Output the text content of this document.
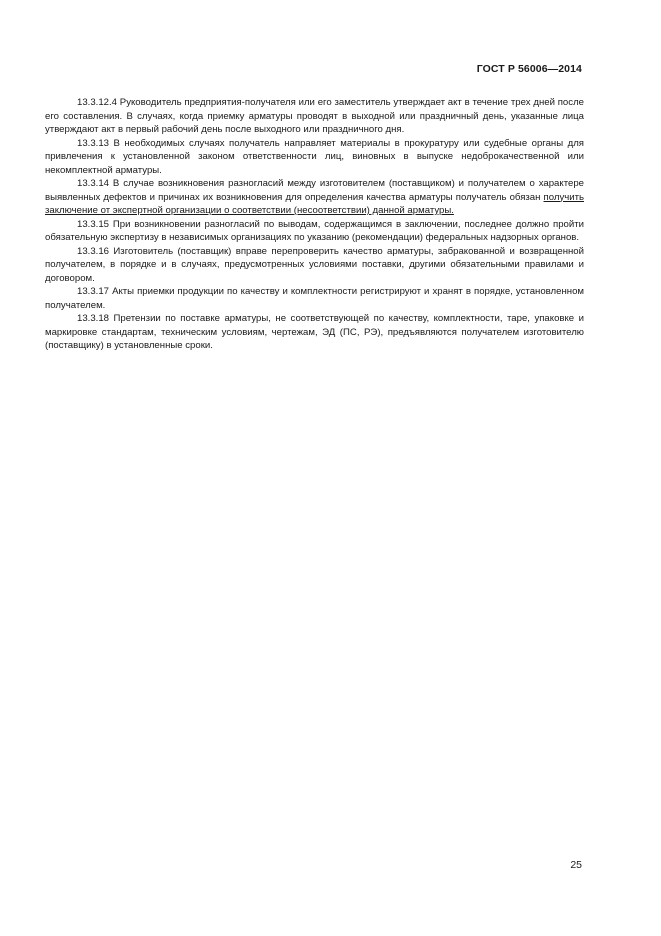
ГОСТ Р 56006—2014

13.3.12.4 Руководитель предприятия-получателя или его заместитель утверждает акт в течение трех дней после его составления. В случаях, когда приемку арматуры проводят в выходной или праздничный день, указанные лица утверждают акт в первый рабочий день после выходного или праздничного дня.

13.3.13 В необходимых случаях получатель направляет материалы в прокуратуру или судебные органы для привлечения к установленной законом ответственности лиц, виновных в выпуске недоброкачественной или некомплектной арматуры.

13.3.14 В случае возникновения разногласий между изготовителем (поставщиком) и получателем о характере выявленных дефектов и причинах их возникновения для определения качества арматуры получатель обязан получить заключение от экспертной организации о соответствии (несоответствии) данной арматуры.

13.3.15 При возникновении разногласий по выводам, содержащимся в заключении, последнее должно пройти обязательную экспертизу в независимых организациях по указанию (рекомендации) федеральных надзорных органов.

13.3.16 Изготовитель (поставщик) вправе перепроверить качество арматуры, забракованной и возвращенной получателем, в порядке и в случаях, предусмотренных условиями поставки, другими обязательными правилами и договором.

13.3.17 Акты приемки продукции по качеству и комплектности регистрируют и хранят в порядке, установленном получателем.

13.3.18 Претензии по поставке арматуры, не соответствующей по качеству, комплектности, таре, упаковке и маркировке стандартам, техническим условиям, чертежам, ЭД (ПС, РЭ), предъявляются получателем изготовителю (поставщику) в установленные сроки.

25
